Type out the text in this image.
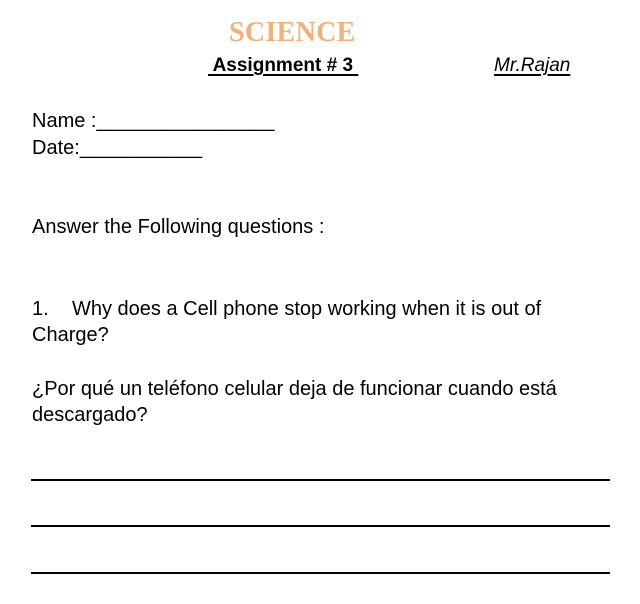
SCIENCE
Assignment # 3	Mr.Rajan
Name :________________
Date:___________
Answer the Following questions :
1. Why does a Cell phone stop working when it is out of Charge?
¿Por qué un teléfono celular deja de funcionar cuando está descargado?
